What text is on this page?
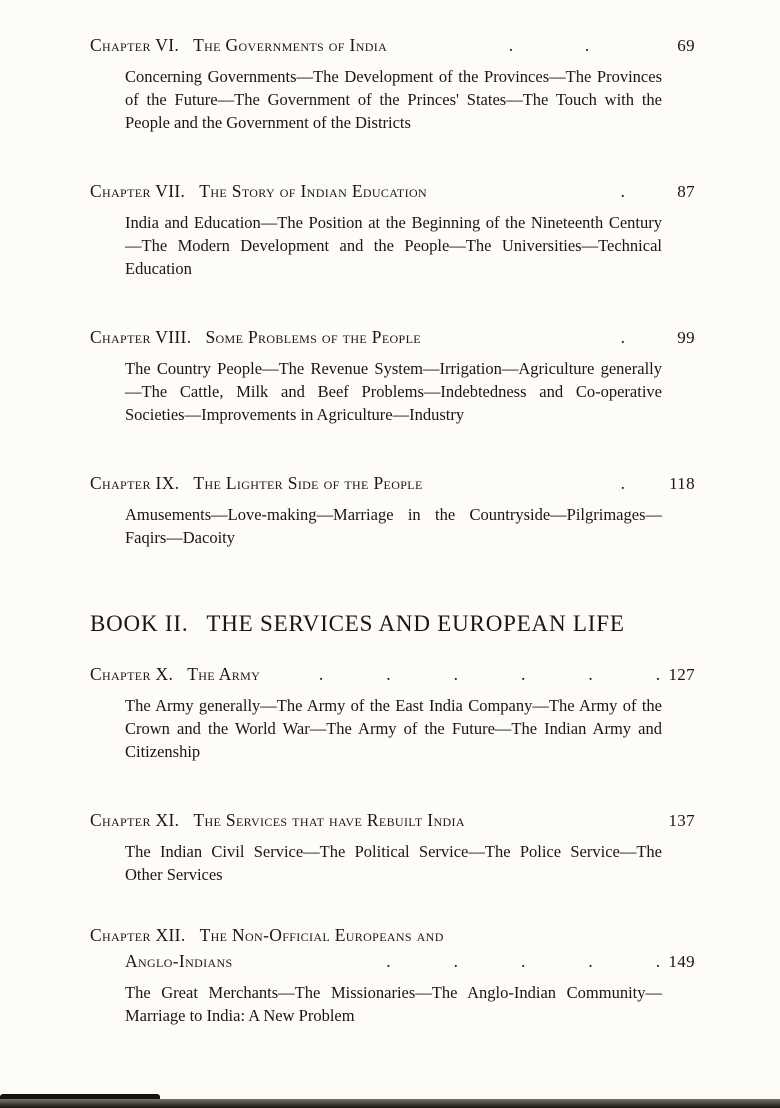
Chapter VI. The Governments of India	.    .     69

Concerning Governments—The Development of the Provinces—The Provinces of the Future—The Government of the Princes' States—The Touch with the People and the Government of the Districts

Chapter VII. The Story of Indian Education	.   87

India and Education—The Position at the Beginning of the Nineteenth Century—The Modern Development and the People—The Universities—Technical Education

Chapter VIII. Some Problems of the People	.   99

The Country People—The Revenue System—Irrigation—Agriculture generally—The Cattle, Milk and Beef Problems—Indebtedness and Co-operative Societies—Improvements in Agriculture—Industry

Chapter IX. The Lighter Side of the People	.   118

Amusements—Love-making—Marriage in the Countryside—Pilgrimages—Faqirs—Dacoity

BOOK II. THE SERVICES AND EUROPEAN LIFE
Chapter X. The Army	.    .    .    .    .    . 127

The Army generally—The Army of the East India Company—The Army of the Crown and the World War—The Army of the Future—The Indian Army and Citizenship

Chapter XI. The Services that have Rebuilt India	137

The Indian Civil Service—The Political Service—The Police Service—The Other Services

Chapter XII. The Non-Official Europeans and
Anglo-Indians	.    .    .    .    . 149

The Great Merchants—The Missionaries—The Anglo-Indian Community—Marriage to India: A New Problem
